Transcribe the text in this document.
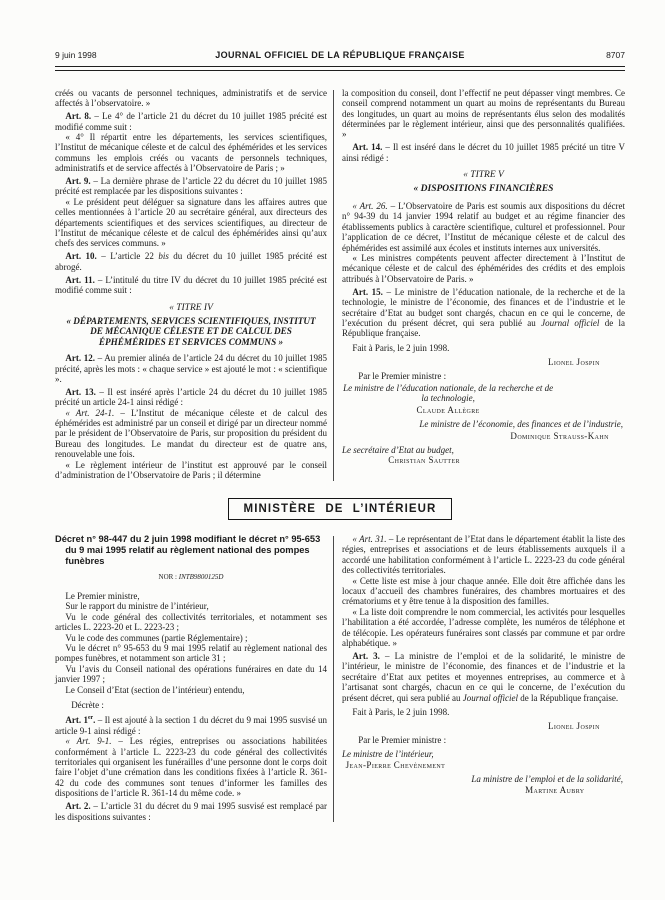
9 juin 1998	JOURNAL OFFICIEL DE LA RÉPUBLIQUE FRANÇAISE	8707

créés ou vacants de personnel techniques, administratifs et de service affectés à l’observatoire. »

Art. 8. – Le 4° de l’article 21 du décret du 10 juillet 1985 précité est modifié comme suit :

« 4° Il répartit entre les départements, les services scientifiques, l’Institut de mécanique céleste et de calcul des éphémérides et les services communs les emplois créés ou vacants de personnels techniques, administratifs et de service affectés à l’Observatoire de Paris ; »

Art. 9. – La dernière phrase de l’article 22 du décret du 10 juillet 1985 précité est remplacée par les dispositions suivantes :

« Le président peut déléguer sa signature dans les affaires autres que celles mentionnées à l’article 20 au secrétaire général, aux directeurs des départements scientifiques et des services scientifiques, au directeur de l’Institut de mécanique céleste et de calcul des éphémérides ainsi qu’aux chefs des services communs. »

Art. 10. – L’article 22 bis du décret du 10 juillet 1985 précité est abrogé.

Art. 11. – L’intitulé du titre IV du décret du 10 juillet 1985 précité est modifié comme suit :

« TITRE IV

« DÉPARTEMENTS, SERVICES SCIENTIFIQUES, INSTITUT DE MÉCANIQUE CÉLESTE ET DE CALCUL DES ÉPHÉMÉRIDES ET SERVICES COMMUNS »

Art. 12. – Au premier alinéa de l’article 24 du décret du 10 juillet 1985 précité, après les mots : « chaque service » est ajouté le mot : « scientifique ».

Art. 13. – Il est inséré après l’article 24 du décret du 10 juillet 1985 précité un article 24-1 ainsi rédigé :

« Art. 24-1. – L’Institut de mécanique céleste et de calcul des éphémérides est administré par un conseil et dirigé par un directeur nommé par le président de l’Observatoire de Paris, sur proposition du président du Bureau des longitudes. Le mandat du directeur est de quatre ans, renouvelable une fois.

« Le règlement intérieur de l’institut est approuvé par le conseil d’administration de l’Observatoire de Paris ; il détermine

la composition du conseil, dont l’effectif ne peut dépasser vingt membres. Ce conseil comprend notamment un quart au moins de représentants du Bureau des longitudes, un quart au moins de représentants élus selon des modalités déterminées par le règlement intérieur, ainsi que des personnalités qualifiées. »

Art. 14. – Il est inséré dans le décret du 10 juillet 1985 précité un titre V ainsi rédigé :

« TITRE V

« DISPOSITIONS FINANCIÈRES

« Art. 26. – L’Observatoire de Paris est soumis aux dispositions du décret n° 94-39 du 14 janvier 1994 relatif au budget et au régime financier des établissements publics à caractère scientifique, culturel et professionnel. Pour l’application de ce décret, l’Institut de mécanique céleste et de calcul des éphémérides est assimilé aux écoles et instituts internes aux universités.

« Les ministres compétents peuvent affecter directement à l’Institut de mécanique céleste et de calcul des éphémérides des crédits et des emplois attribués à l’Observatoire de Paris. »

Art. 15. – Le ministre de l’éducation nationale, de la recherche et de la technologie, le ministre de l’économie, des finances et de l’industrie et le secrétaire d’Etat au budget sont chargés, chacun en ce qui le concerne, de l’exécution du présent décret, qui sera publié au Journal officiel de la République française.

Fait à Paris, le 2 juin 1998.

Lionel Jospin

Par le Premier ministre :

Le ministre de l’éducation nationale, de la recherche et de la technologie,

Claude Allègre

Le ministre de l’économie, des finances et de l’industrie,

Dominique Strauss-Kahn

Le secrétaire d’Etat au budget,

Christian Sautter

MINISTÈRE DE L’INTÉRIEUR

Décret n° 98-447 du 2 juin 1998 modifiant le décret n° 95-653 du 9 mai 1995 relatif au règlement national des pompes funèbres

NOR : INTB9800125D

Le Premier ministre,

Sur le rapport du ministre de l’intérieur,

Vu le code général des collectivités territoriales, et notamment ses articles L. 2223-20 et L. 2223-23 ;

Vu le code des communes (partie Réglementaire) ;

Vu le décret n° 95-653 du 9 mai 1995 relatif au règlement national des pompes funèbres, et notamment son article 31 ;

Vu l’avis du Conseil national des opérations funéraires en date du 14 janvier 1997 ;

Le Conseil d’Etat (section de l’intérieur) entendu,

Décrète :

Art. 1er. – Il est ajouté à la section 1 du décret du 9 mai 1995 susvisé un article 9-1 ainsi rédigé :

« Art. 9-1. – Les régies, entreprises ou associations habilitées conformément à l’article L. 2223-23 du code général des collectivités territoriales qui organisent les funérailles d’une personne dont le corps doit faire l’objet d’une crémation dans les conditions fixées à l’article R. 361-42 du code des communes sont tenues d’informer les familles des dispositions de l’article R. 361-14 du même code. »

Art. 2. – L’article 31 du décret du 9 mai 1995 susvisé est remplacé par les dispositions suivantes :

« Art. 31. – Le représentant de l’Etat dans le département établit la liste des régies, entreprises et associations et de leurs établissements auxquels il a accordé une habilitation conformément à l’article L. 2223-23 du code général des collectivités territoriales.

« Cette liste est mise à jour chaque année. Elle doit être affichée dans les locaux d’accueil des chambres funéraires, des chambres mortuaires et des crématoriums et y être tenue à la disposition des familles.

« La liste doit comprendre le nom commercial, les activités pour lesquelles l’habilitation a été accordée, l’adresse complète, les numéros de téléphone et de télécopie. Les opérateurs funéraires sont classés par commune et par ordre alphabétique. »

Art. 3. – La ministre de l’emploi et de la solidarité, le ministre de l’intérieur, le ministre de l’économie, des finances et de l’industrie et la secrétaire d’Etat aux petites et moyennes entreprises, au commerce et à l’artisanat sont chargés, chacun en ce qui le concerne, de l’exécution du présent décret, qui sera publié au Journal officiel de la République française.

Fait à Paris, le 2 juin 1998.

Lionel Jospin

Par le Premier ministre :

Le ministre de l’intérieur,

Jean-Pierre Chevènement

La ministre de l’emploi et de la solidarité,

Martine Aubry
